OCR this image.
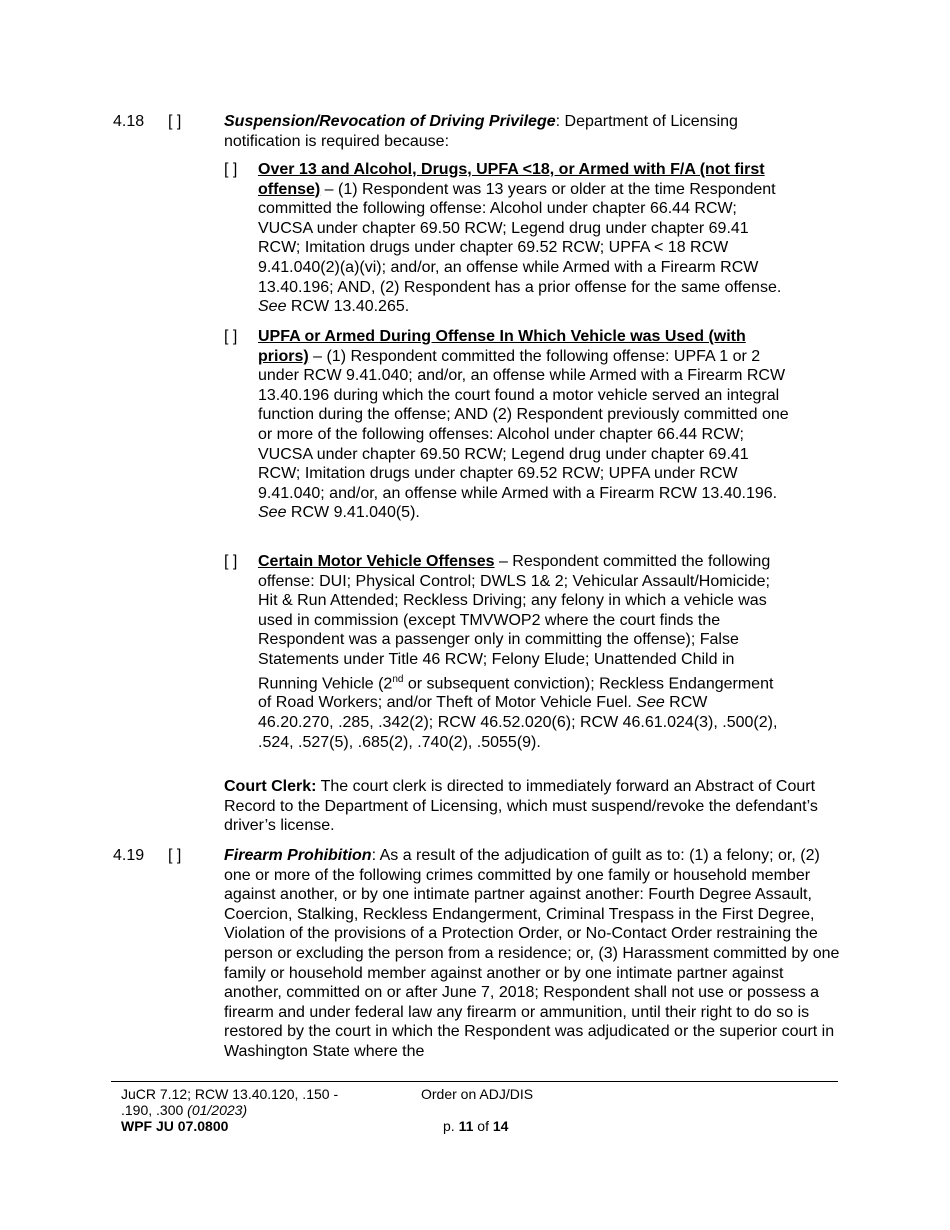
4.18 [ ]	Suspension/Revocation of Driving Privilege: Department of Licensing notification is required because:
[ ] Over 13 and Alcohol, Drugs, UPFA <18, or Armed with F/A (not first offense) – (1) Respondent was 13 years or older at the time Respondent committed the following offense: Alcohol under chapter 66.44 RCW; VUCSA under chapter 69.50 RCW; Legend drug under chapter 69.41 RCW; Imitation drugs under chapter 69.52 RCW; UPFA < 18 RCW 9.41.040(2)(a)(vi); and/or, an offense while Armed with a Firearm RCW 13.40.196; AND, (2) Respondent has a prior offense for the same offense. See RCW 13.40.265.
[ ] UPFA or Armed During Offense In Which Vehicle was Used (with priors) – (1) Respondent committed the following offense: UPFA 1 or 2 under RCW 9.41.040; and/or, an offense while Armed with a Firearm RCW 13.40.196 during which the court found a motor vehicle served an integral function during the offense; AND (2) Respondent previously committed one or more of the following offenses: Alcohol under chapter 66.44 RCW; VUCSA under chapter 69.50 RCW; Legend drug under chapter 69.41 RCW; Imitation drugs under chapter 69.52 RCW; UPFA under RCW 9.41.040; and/or, an offense while Armed with a Firearm RCW 13.40.196.
See RCW 9.41.040(5).
[ ] Certain Motor Vehicle Offenses – Respondent committed the following offense: DUI; Physical Control; DWLS 1& 2; Vehicular Assault/Homicide; Hit & Run Attended; Reckless Driving; any felony in which a vehicle was used in commission (except TMVWOP2 where the court finds the Respondent was a passenger only in committing the offense); False Statements under Title 46 RCW; Felony Elude; Unattended Child in Running Vehicle (2nd or subsequent conviction); Reckless Endangerment of Road Workers; and/or Theft of Motor Vehicle Fuel. See RCW 46.20.270, .285, .342(2); RCW 46.52.020(6); RCW 46.61.024(3), .500(2), .524, .527(5), .685(2), .740(2), .5055(9).
Court Clerk: The court clerk is directed to immediately forward an Abstract of Court Record to the Department of Licensing, which must suspend/revoke the defendant’s driver’s license.
4.19 [ ]	Firearm Prohibition: As a result of the adjudication of guilt as to: (1) a felony; or, (2) one or more of the following crimes committed by one family or household member against another, or by one intimate partner against another: Fourth Degree Assault, Coercion, Stalking, Reckless Endangerment, Criminal Trespass in the First Degree, Violation of the provisions of a Protection Order, or No-Contact Order restraining the person or excluding the person from a residence; or, (3) Harassment committed by one family or household member against another or by one intimate partner against another, committed on or after June 7, 2018; Respondent shall not use or possess a firearm and under federal law any firearm or ammunition, until their right to do so is restored by the court in which the Respondent was adjudicated or the superior court in Washington State where the
JuCR 7.12; RCW 13.40.120, .150 -
.190, .300 (01/2023)
WPF JU 07.0800
Order on ADJ/DIS
p. 11 of 14
